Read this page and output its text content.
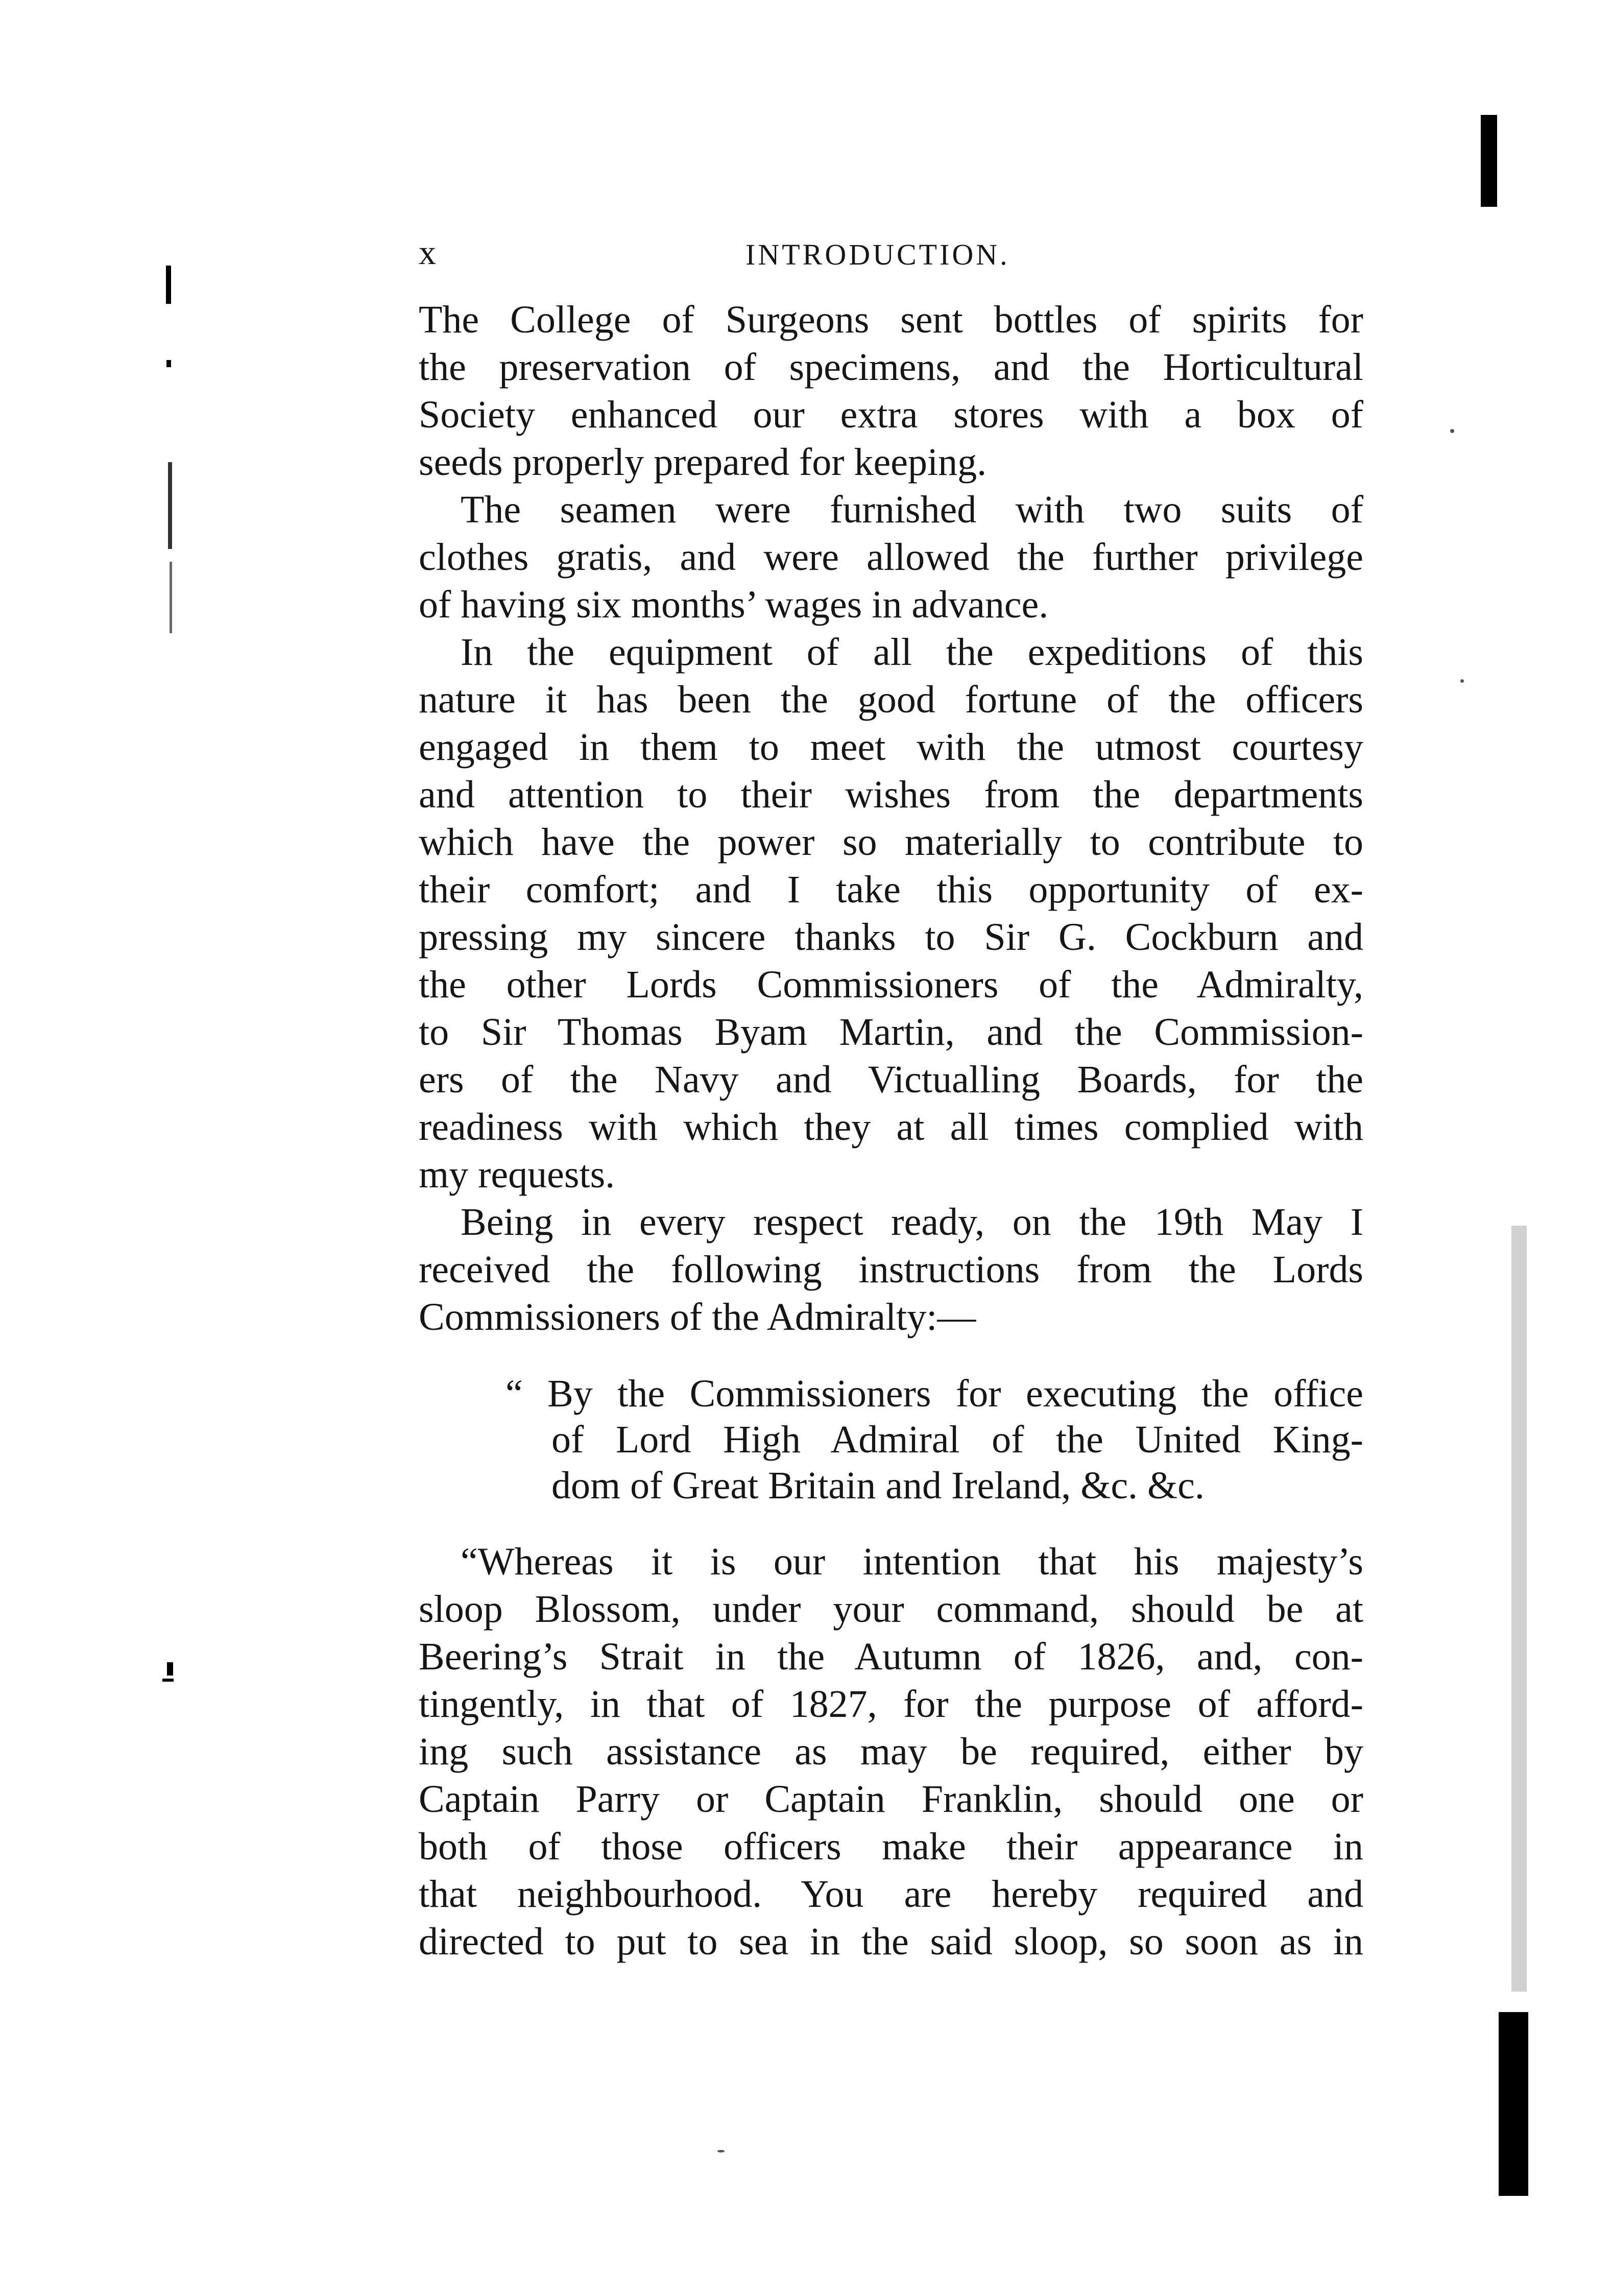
x	INTRODUCTION.
The College of Surgeons sent bottles of spirits for
the preservation of specimens, and the Horticultural
Society enhanced our extra stores with a box of
seeds properly prepared for keeping.
The seamen were furnished with two suits of
clothes gratis, and were allowed the further privilege
of having six months’ wages in advance.
In the equipment of all the expeditions of this
nature it has been the good fortune of the officers
engaged in them to meet with the utmost courtesy
and attention to their wishes from the departments
which have the power so materially to contribute to
their comfort; and I take this opportunity of ex-
pressing my sincere thanks to Sir G. Cockburn and
the other Lords Commissioners of the Admiralty,
to Sir Thomas Byam Martin, and the Commission-
ers of the Navy and Victualling Boards, for the
readiness with which they at all times complied with
my requests.
Being in every respect ready, on the 19th May I
received the following instructions from the Lords
Commissioners of the Admiralty:—
“ By the Commissioners for executing the office
of Lord High Admiral of the United King-
dom of Great Britain and Ireland, &c. &c.
“Whereas it is our intention that his majesty’s
sloop Blossom, under your command, should be at
Beering’s Strait in the Autumn of 1826, and, con-
tingently, in that of 1827, for the purpose of afford-
ing such assistance as may be required, either by
Captain Parry or Captain Franklin, should one or
both of those officers make their appearance in
that neighbourhood. You are hereby required and
directed to put to sea in the said sloop, so soon as in
